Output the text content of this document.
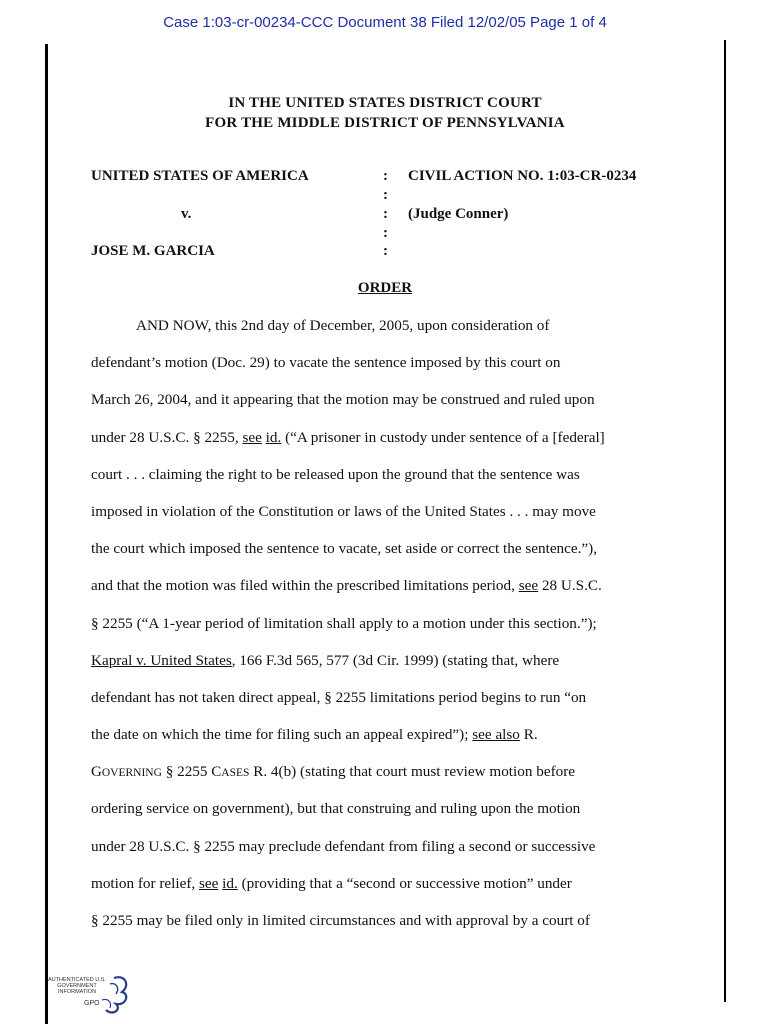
Case 1:03-cr-00234-CCC Document 38 Filed 12/02/05 Page 1 of 4
IN THE UNITED STATES DISTRICT COURT
FOR THE MIDDLE DISTRICT OF PENNSYLVANIA
UNITED STATES OF AMERICA
v.
JOSE M. GARCIA
:
:
:
:
:
CIVIL ACTION NO. 1:03-CR-0234
(Judge Conner)
ORDER
AND NOW, this 2nd day of December, 2005, upon consideration of
defendant’s motion (Doc. 29) to vacate the sentence imposed by this court on
March 26, 2004, and it appearing that the motion may be construed and ruled upon
under 28 U.S.C. § 2255, see id. (“A prisoner in custody under sentence of a [federal]
court . . . claiming the right to be released upon the ground that the sentence was
imposed in violation of the Constitution or laws of the United States . . . may move
the court which imposed the sentence to vacate, set aside or correct the sentence.”),
and that the motion was filed within the prescribed limitations period, see 28 U.S.C.
§ 2255 (“A 1-year period of limitation shall apply to a motion under this section.”);
Kapral v. United States, 166 F.3d 565, 577 (3d Cir. 1999) (stating that, where
defendant has not taken direct appeal, § 2255 limitations period begins to run “on
the date on which the time for filing such an appeal expired”); see also R.
GOVERNING § 2255 CASES R. 4(b) (stating that court must review motion before
ordering service on government), but that construing and ruling upon the motion
under 28 U.S.C. § 2255 may preclude defendant from filing a second or successive
motion for relief, see id. (providing that a “second or successive motion” under
§ 2255 may be filed only in limited circumstances and with approval by a court of
AUTHENTICATED U.S. GOVERNMENT INFORMATION
GPO
